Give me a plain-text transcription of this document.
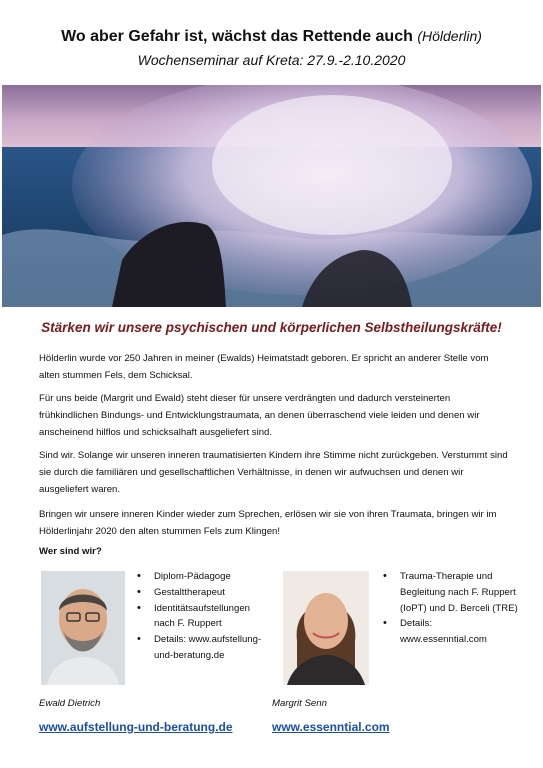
Wo aber Gefahr ist, wächst das Rettende auch (Hölderlin)
Wochenseminar auf Kreta: 27.9.-2.10.2020
Stärken wir unsere psychischen und körperlichen Selbstheilungskräfte!

Hölderlin wurde vor 250 Jahren in meiner (Ewalds) Heimatstadt geboren. Er spricht an anderer Stelle vom alten stummen Fels, dem Schicksal.

Für uns beide (Margrit und Ewald) steht dieser für unsere verdrängten und dadurch versteinerten frühkindlichen Bindungs- und Entwicklungstraumata, an denen überraschend viele leiden und denen wir anscheinend hilflos und schicksalhaft ausgeliefert sind.

Sind wir. Solange wir unseren inneren traumatisierten Kindern ihre Stimme nicht zurückgeben. Verstummt sind sie durch die familiären und gesellschaftlichen Verhältnisse, in denen wir aufwuchsen und denen wir ausgeliefert waren.

Bringen wir unsere inneren Kinder wieder zum Sprechen, erlösen wir sie von ihren Traumata, bringen wir im Hölderlinjahr 2020 den alten stummen Fels zum Klingen!

Wer sind wir?
• Diplom-Pädagoge
• Gestalttherapeut
• Identitätsaufstellungen nach F. Ruppert
• Details: www.aufstellung-und-beratung.de
• Trauma-Therapie und Begleitung nach F. Ruppert (IoPT) und D. Berceli (TRE)
• Details: www.essenntial.com
Ewald Dietrich	Margrit Senn
www.aufstellung-und-beratung.de	www.essenntial.com
